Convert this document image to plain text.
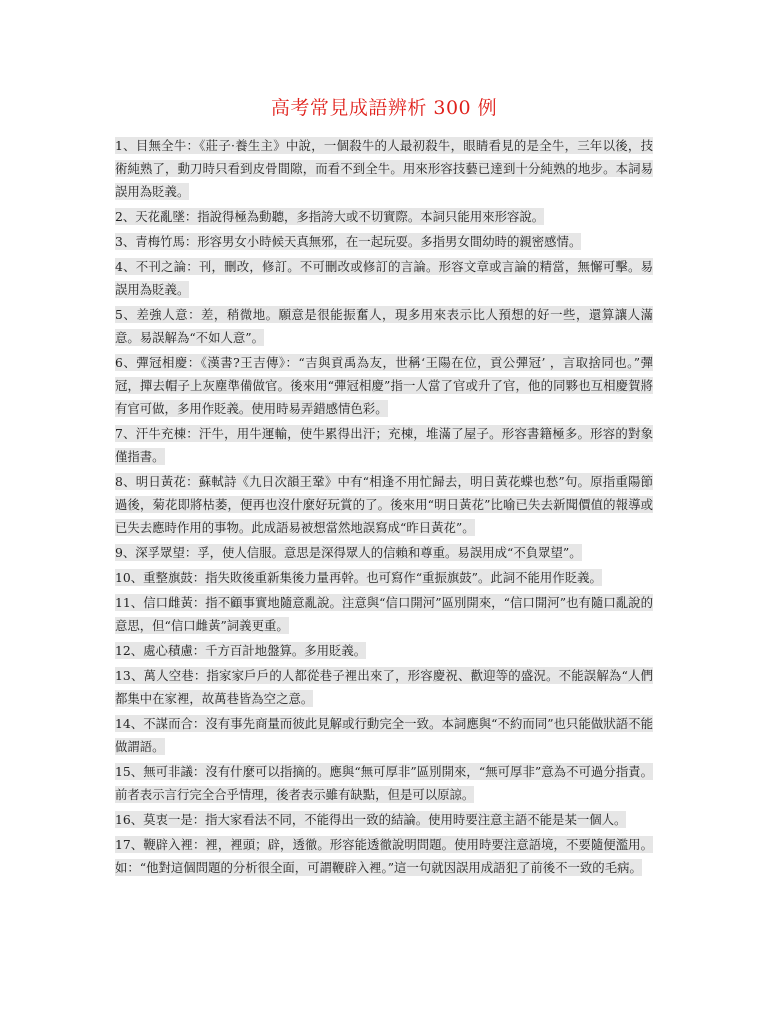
高考常見成語辨析 300 例
1、目無全牛：《莊子·養生主》中說，一個殺牛的人最初殺牛，眼睛看見的是全牛，三年以後，技術純熟了，動刀時只看到皮骨間隙，而看不到全牛。用來形容技藝已達到十分純熟的地步。本詞易誤用為貶義。
2、天花亂墜：指說得極為動聽，多指誇大或不切實際。本詞只能用來形容說。
3、青梅竹馬：形容男女小時候天真無邪，在一起玩耍。多指男女間幼時的親密感情。
4、不刊之論：刊，刪改，修訂。不可刪改或修訂的言論。形容文章或言論的精當，無懈可擊。易誤用為貶義。
5、差強人意：差，稍微地。願意是很能振奮人，現多用來表示比人預想的好一些，還算讓人滿意。易誤解為“不如人意”。
6、彈冠相慶：《漢書?王吉傳》：“吉與貢禹為友，世稱‘王陽在位，貢公彈冠’ ，言取捨同也。”彈冠，撣去帽子上灰塵準備做官。後來用“彈冠相慶”指一人當了官或升了官，他的同夥也互相慶賀將有官可做，多用作貶義。使用時易弄錯感情色彩。
7、汗牛充棟：汗牛，用牛運輸，使牛累得出汗；充棟，堆滿了屋子。形容書籍極多。形容的對象僅指書。
8、明日黃花：蘇軾詩《九日次韻王鞏》中有“相逢不用忙歸去，明日黃花蝶也愁”句。原指重陽節過後，菊花即將枯萎，便再也沒什麼好玩賞的了。後來用“明日黃花”比喻已失去新聞價值的報導或已失去應時作用的事物。此成語易被想當然地誤寫成“昨日黃花”。
9、深孚眾望：孚，使人信服。意思是深得眾人的信賴和尊重。易誤用成“不負眾望”。
10、重整旗鼓：指失敗後重新集後力量再幹。也可寫作“重振旗鼓”。此詞不能用作貶義。
11、信口雌黃：指不顧事實地隨意亂說。注意與“信口開河”區別開來，“信口開河”也有隨口亂說的意思，但“信口雌黃”詞義更重。
12、處心積慮：千方百計地盤算。多用貶義。
13、萬人空巷：指家家戶戶的人都從巷子裡出來了，形容慶祝、歡迎等的盛況。不能誤解為“人們都集中在家裡，故萬巷皆為空之意。
14、不謀而合：沒有事先商量而彼此見解或行動完全一致。本詞應與“不約而同”也只能做狀語不能做謂語。
15、無可非議：沒有什麼可以指摘的。應與“無可厚非”區別開來，“無可厚非”意為不可過分指責。前者表示言行完全合乎情理，後者表示雖有缺點，但是可以原諒。
16、莫衷一是：指大家看法不同，不能得出一致的結論。使用時要注意主語不能是某一個人。
17、鞭辟入裡：裡，裡頭；辟，透徹。形容能透徹說明問題。使用時要注意語境，不要隨便濫用。如：“他對這個問題的分析很全面，可謂鞭辟入裡。”這一句就因誤用成語犯了前後不一致的毛病。
